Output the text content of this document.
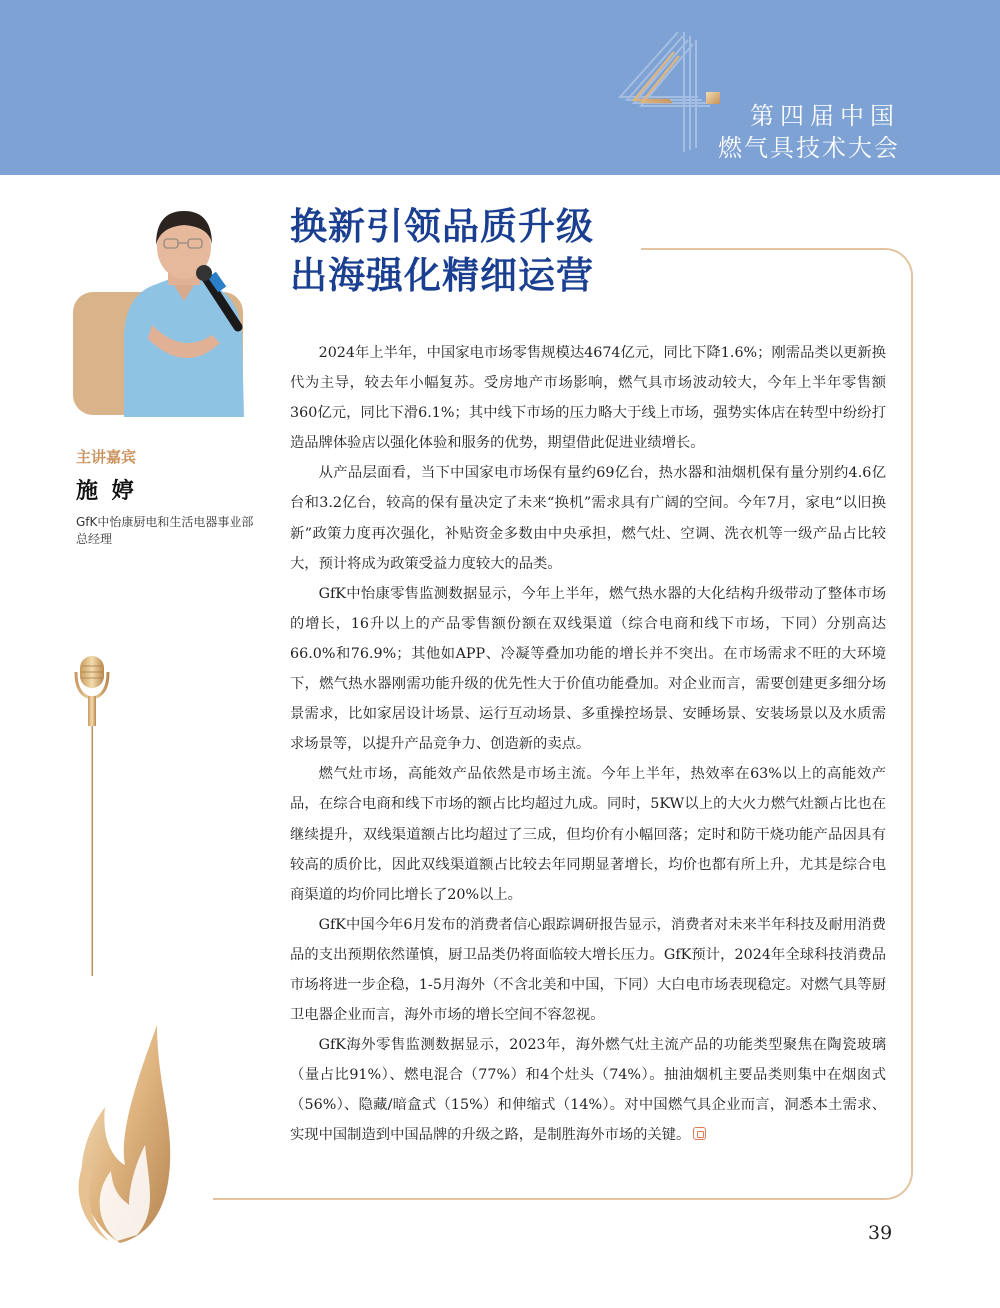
第四届中国
燃气具技术大会
主讲嘉宾
施 婷
GfK中怡康厨电和生活电器事业部总经理
换新引领品质升级
出海强化精细运营

2024年上半年，中国家电市场零售规模达4674亿元，同比下降1.6%；刚需品类以更新换代为主导，较去年小幅复苏。受房地产市场影响，燃气具市场波动较大，今年上半年零售额360亿元，同比下滑6.1%；其中线下市场的压力略大于线上市场，强势实体店在转型中纷纷打造品牌体验店以强化体验和服务的优势，期望借此促进业绩增长。

从产品层面看，当下中国家电市场保有量约69亿台，热水器和油烟机保有量分别约4.6亿台和3.2亿台，较高的保有量决定了未来“换机”需求具有广阔的空间。今年7月，家电“以旧换新”政策力度再次强化，补贴资金多数由中央承担，燃气灶、空调、洗衣机等一级产品占比较大，预计将成为政策受益力度较大的品类。

GfK中怡康零售监测数据显示，今年上半年，燃气热水器的大化结构升级带动了整体市场的增长，16升以上的产品零售额份额在双线渠道（综合电商和线下市场，下同）分别高达66.0%和76.9%；其他如APP、冷凝等叠加功能的增长并不突出。在市场需求不旺的大环境下，燃气热水器刚需功能升级的优先性大于价值功能叠加。对企业而言，需要创建更多细分场景需求，比如家居设计场景、运行互动场景、多重操控场景、安睡场景、安装场景以及水质需求场景等，以提升产品竞争力、创造新的卖点。

燃气灶市场，高能效产品依然是市场主流。今年上半年，热效率在63%以上的高能效产品，在综合电商和线下市场的额占比均超过九成。同时，5KW以上的大火力燃气灶额占比也在继续提升，双线渠道额占比均超过了三成，但均价有小幅回落；定时和防干烧功能产品因具有较高的质价比，因此双线渠道额占比较去年同期显著增长，均价也都有所上升，尤其是综合电商渠道的均价同比增长了20%以上。

GfK中国今年6月发布的消费者信心跟踪调研报告显示，消费者对未来半年科技及耐用消费品的支出预期依然谨慎，厨卫品类仍将面临较大增长压力。GfK预计，2024年全球科技消费品市场将进一步企稳，1-5月海外（不含北美和中国，下同）大白电市场表现稳定。对燃气具等厨卫电器企业而言，海外市场的增长空间不容忽视。

GfK海外零售监测数据显示，2023年，海外燃气灶主流产品的功能类型聚焦在陶瓷玻璃（量占比91%）、燃电混合（77%）和4个灶头（74%）。抽油烟机主要品类则集中在烟囱式（56%）、隐藏/暗盒式（15%）和伸缩式（14%）。对中国燃气具企业而言，洞悉本土需求、实现中国制造到中国品牌的升级之路，是制胜海外市场的关键。

39
